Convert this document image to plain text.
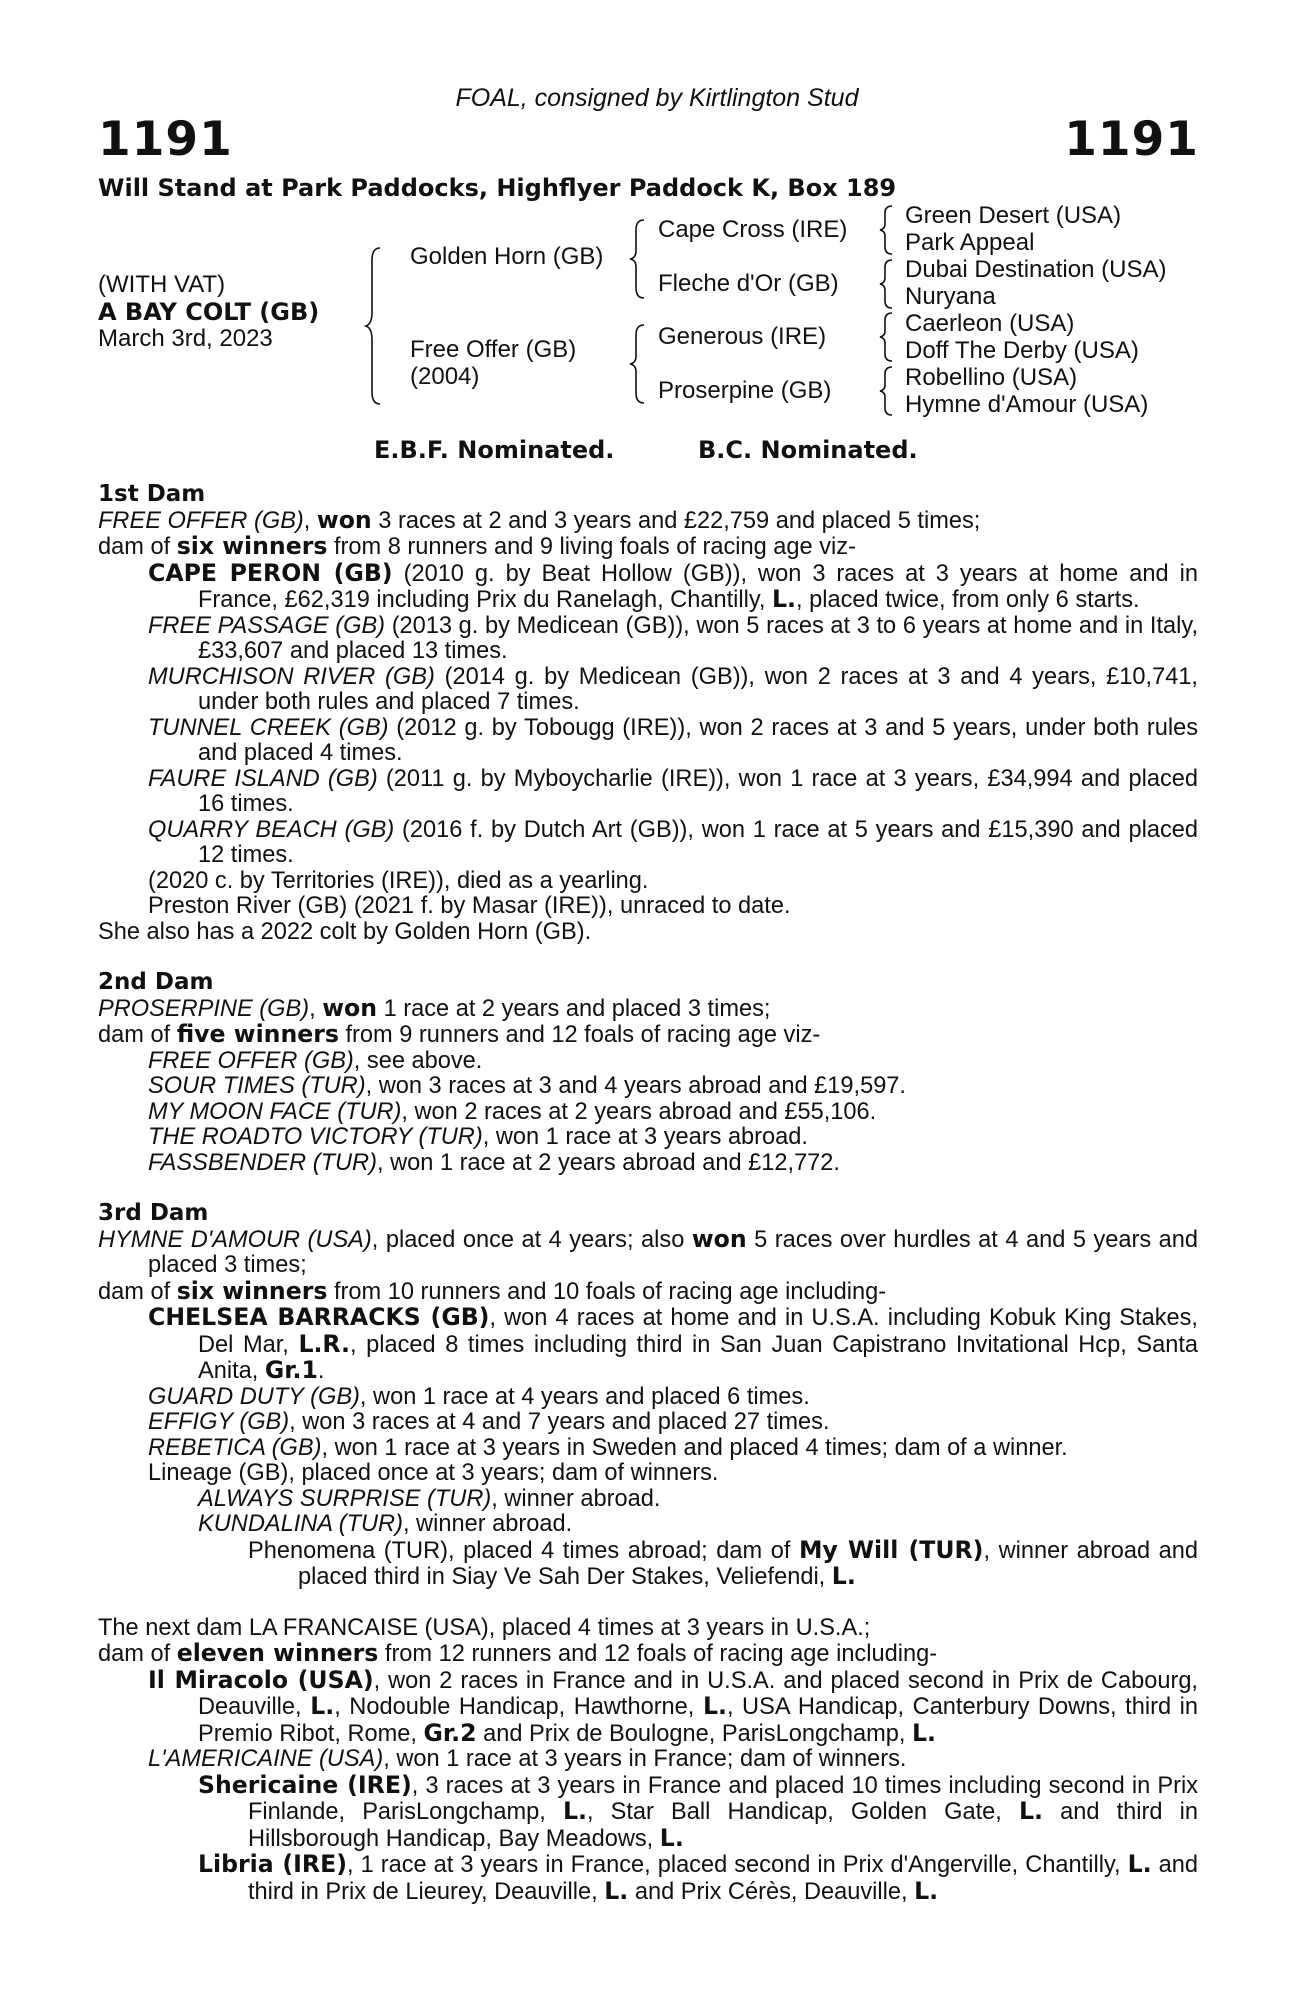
FOAL, consigned by Kirtlington Stud
1191	1191
Will Stand at Park Paddocks, Highflyer Paddock K, Box 189
(WITH VAT)
A BAY COLT (GB)
March 3rd, 2023
Golden Horn (GB)
Free Offer (GB)
(2004)
Cape Cross (IRE)
Fleche d'Or (GB)
Generous (IRE)
Proserpine (GB)
Green Desert (USA)
Park Appeal
Dubai Destination (USA)
Nuryana
Caerleon (USA)
Doff The Derby (USA)
Robellino (USA)
Hymne d'Amour (USA)
E.B.F. Nominated.	B.C. Nominated.

1st Dam

FREE OFFER (GB), won 3 races at 2 and 3 years and £22,759 and placed 5 times;

dam of six winners from 8 runners and 9 living foals of racing age viz-

CAPE PERON (GB) (2010 g. by Beat Hollow (GB)), won 3 races at 3 years at home and in France, £62,319 including Prix du Ranelagh, Chantilly, L., placed twice, from only 6 starts.

FREE PASSAGE (GB) (2013 g. by Medicean (GB)), won 5 races at 3 to 6 years at home and in Italy, £33,607 and placed 13 times.

MURCHISON RIVER (GB) (2014 g. by Medicean (GB)), won 2 races at 3 and 4 years, £10,741, under both rules and placed 7 times.

TUNNEL CREEK (GB) (2012 g. by Tobougg (IRE)), won 2 races at 3 and 5 years, under both rules and placed 4 times.

FAURE ISLAND (GB) (2011 g. by Myboycharlie (IRE)), won 1 race at 3 years, £34,994 and placed 16 times.

QUARRY BEACH (GB) (2016 f. by Dutch Art (GB)), won 1 race at 5 years and £15,390 and placed 12 times.

(2020 c. by Territories (IRE)), died as a yearling.

Preston River (GB) (2021 f. by Masar (IRE)), unraced to date.

She also has a 2022 colt by Golden Horn (GB).

2nd Dam

PROSERPINE (GB), won 1 race at 2 years and placed 3 times;

dam of five winners from 9 runners and 12 foals of racing age viz-

FREE OFFER (GB), see above.

SOUR TIMES (TUR), won 3 races at 3 and 4 years abroad and £19,597.

MY MOON FACE (TUR), won 2 races at 2 years abroad and £55,106.

THE ROADTO VICTORY (TUR), won 1 race at 3 years abroad.

FASSBENDER (TUR), won 1 race at 2 years abroad and £12,772.

3rd Dam

HYMNE D'AMOUR (USA), placed once at 4 years; also won 5 races over hurdles at 4 and 5 years and placed 3 times;

dam of six winners from 10 runners and 10 foals of racing age including-

CHELSEA BARRACKS (GB), won 4 races at home and in U.S.A. including Kobuk King Stakes, Del Mar, L.R., placed 8 times including third in San Juan Capistrano Invitational Hcp, Santa Anita, Gr.1.

GUARD DUTY (GB), won 1 race at 4 years and placed 6 times.

EFFIGY (GB), won 3 races at 4 and 7 years and placed 27 times.

REBETICA (GB), won 1 race at 3 years in Sweden and placed 4 times; dam of a winner.

Lineage (GB), placed once at 3 years; dam of winners.

ALWAYS SURPRISE (TUR), winner abroad.

KUNDALINA (TUR), winner abroad.

Phenomena (TUR), placed 4 times abroad; dam of My Will (TUR), winner abroad and placed third in Siay Ve Sah Der Stakes, Veliefendi, L.

The next dam LA FRANCAISE (USA), placed 4 times at 3 years in U.S.A.;

dam of eleven winners from 12 runners and 12 foals of racing age including-

Il Miracolo (USA), won 2 races in France and in U.S.A. and placed second in Prix de Cabourg, Deauville, L., Nodouble Handicap, Hawthorne, L., USA Handicap, Canterbury Downs, third in Premio Ribot, Rome, Gr.2 and Prix de Boulogne, ParisLongchamp, L.

L'AMERICAINE (USA), won 1 race at 3 years in France; dam of winners.

Shericaine (IRE), 3 races at 3 years in France and placed 10 times including second in Prix Finlande, ParisLongchamp, L., Star Ball Handicap, Golden Gate, L. and third in Hillsborough Handicap, Bay Meadows, L.

Libria (IRE), 1 race at 3 years in France, placed second in Prix d'Angerville, Chantilly, L. and third in Prix de Lieurey, Deauville, L. and Prix Cérès, Deauville, L.
